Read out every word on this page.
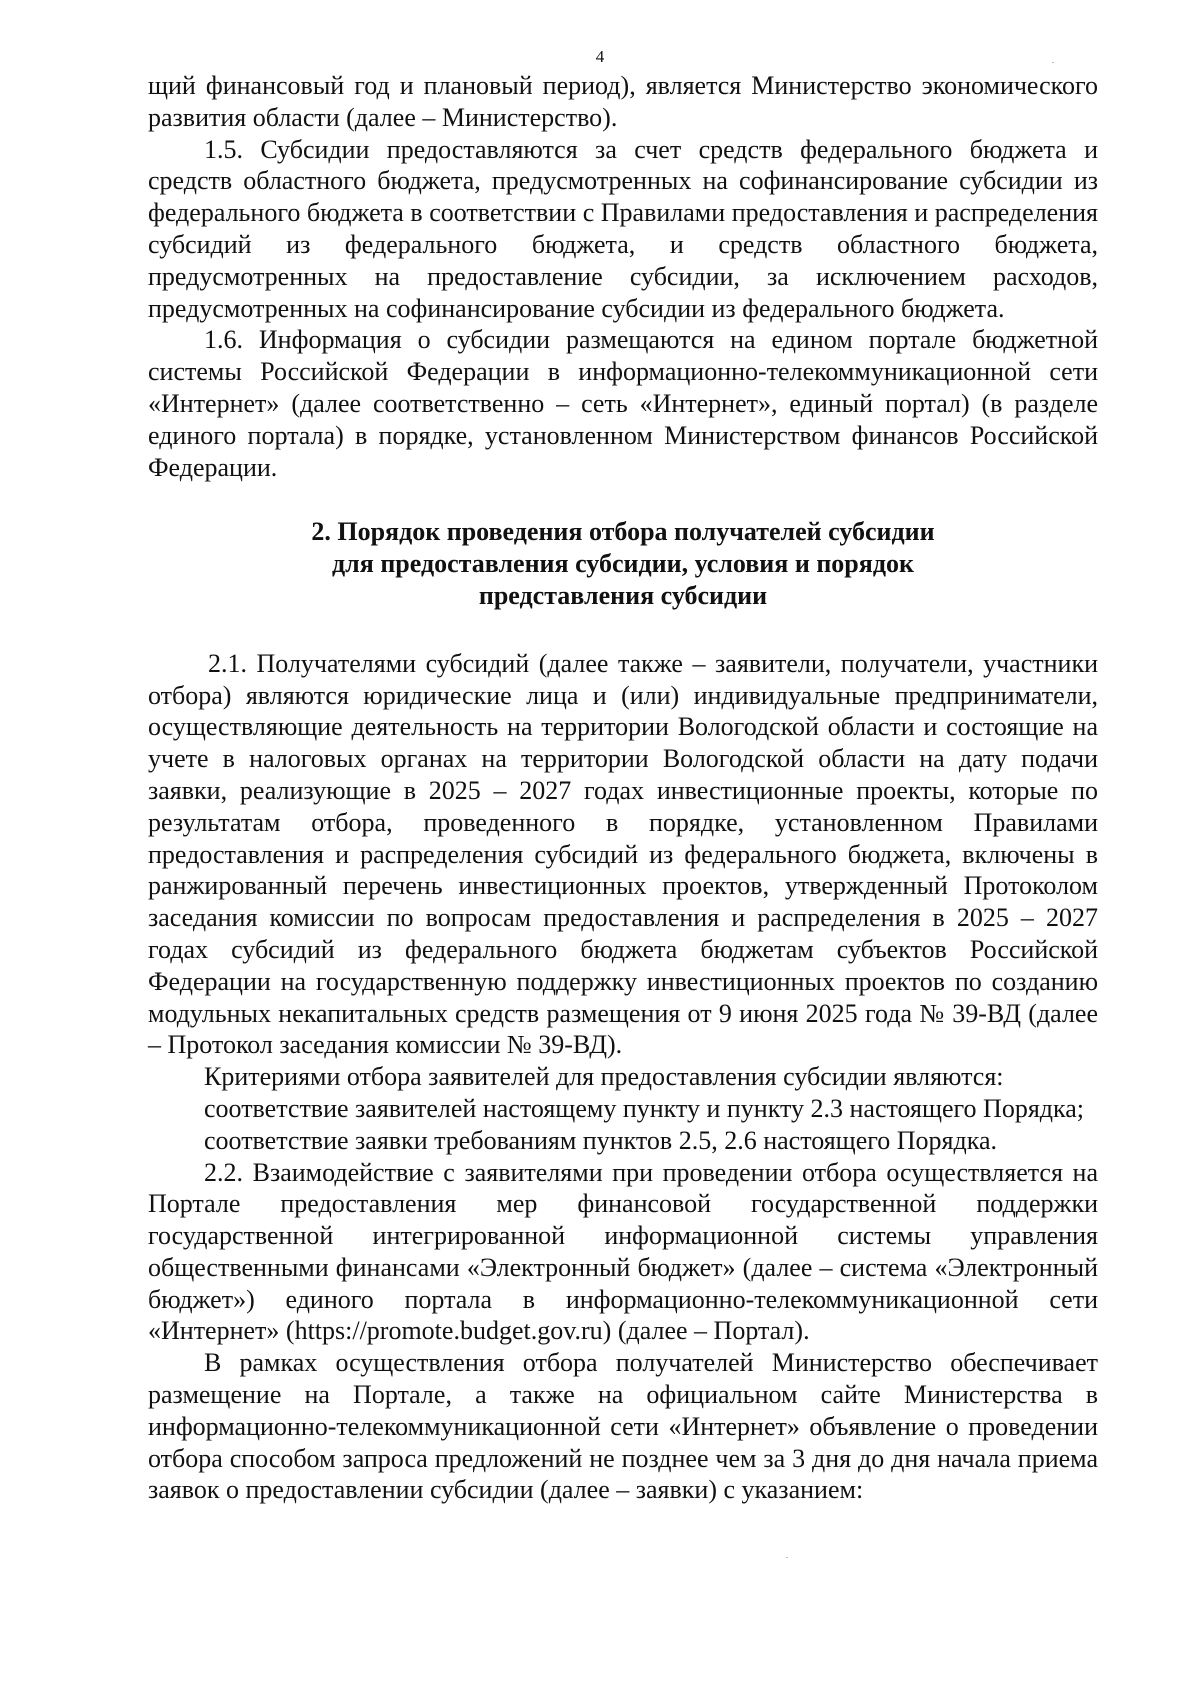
4

щий финансовый год и плановый период), является Министерство экономического развития области (далее – Министерство).

1.5. Субсидии предоставляются за счет средств федерального бюджета и средств областного бюджета, предусмотренных на софинансирование субсидии из федерального бюджета в соответствии с Правилами предоставления и распределения субсидий из федерального бюджета, и средств областного бюджета, предусмотренных на предоставление субсидии, за исключением расходов, предусмотренных на софинансирование субсидии из федерального бюджета.

1.6. Информация о субсидии размещаются на едином портале бюджетной системы Российской Федерации в информационно-телекоммуникационной сети «Интернет» (далее соответственно – сеть «Интернет», единый портал) (в разделе единого портала) в порядке, установленном Министерством финансов Российской Федерации.

2. Порядок проведения отбора получателей субсидии
для предоставления субсидии, условия и порядок
представления субсидии

2.1. Получателями субсидий (далее также – заявители, получатели, участники отбора) являются юридические лица и (или) индивидуальные предприниматели, осуществляющие деятельность на территории Вологодской области и состоящие на учете в налоговых органах на территории Вологодской области на дату подачи заявки, реализующие в 2025 – 2027 годах инвестиционные проекты, которые по результатам отбора, проведенного в порядке, установленном Правилами предоставления и распределения субсидий из федерального бюджета, включены в ранжированный перечень инвестиционных проектов, утвержденный Протоколом заседания комиссии по вопросам предоставления и распределения в 2025 – 2027 годах субсидий из федерального бюджета бюджетам субъектов Российской Федерации на государственную поддержку инвестиционных проектов по созданию модульных некапитальных средств размещения от 9 июня 2025 года № 39-ВД (далее – Протокол заседания комиссии № 39-ВД).

Критериями отбора заявителей для предоставления субсидии являются:

соответствие заявителей настоящему пункту и пункту 2.3 настоящего Порядка;

соответствие заявки требованиям пунктов 2.5, 2.6 настоящего Порядка.

2.2. Взаимодействие с заявителями при проведении отбора осуществляется на Портале предоставления мер финансовой государственной поддержки государственной интегрированной информационной системы управления общественными финансами «Электронный бюджет» (далее – система «Электронный бюджет») единого портала в информационно-телекоммуникационной сети «Интернет» (https://promote.budget.gov.ru) (далее – Портал).

В рамках осуществления отбора получателей Министерство обеспечивает размещение на Портале, а также на официальном сайте Министерства в информационно-телекоммуникационной сети «Интернет» объявление о проведении отбора способом запроса предложений не позднее чем за 3 дня до дня начала приема заявок о предоставлении субсидии (далее – заявки) с указанием:
